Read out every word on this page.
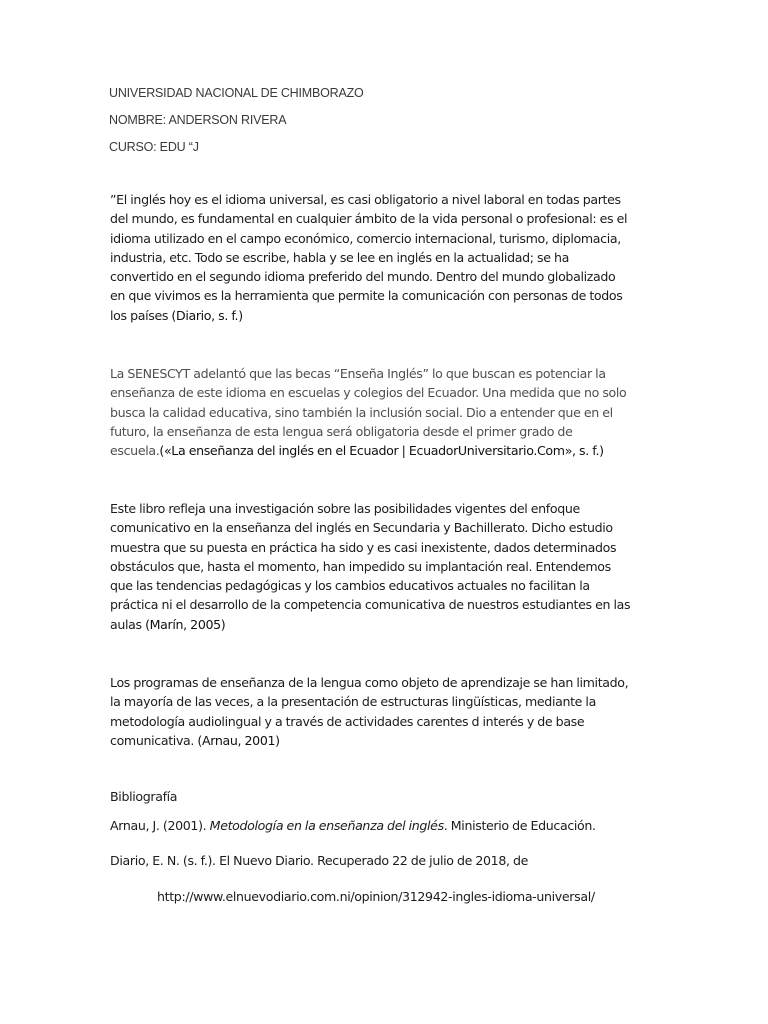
UNIVERSIDAD NACIONAL DE CHIMBORAZO
NOMBRE: ANDERSON RIVERA
CURSO: EDU “J
”El inglés hoy es el idioma universal, es casi obligatorio a nivel laboral en todas partes
del mundo, es fundamental en cualquier ámbito de la vida personal o profesional: es el
idioma utilizado en el campo económico, comercio internacional, turismo, diplomacia,
industria, etc. Todo se escribe, habla y se lee en inglés en la actualidad; se ha
convertido en el segundo idioma preferido del mundo. Dentro del mundo globalizado
en que vivimos es la herramienta que permite la comunicación con personas de todos
los países (Diario, s. f.)
La SENESCYT adelantó que las becas “Enseña Inglés” lo que buscan es potenciar la
enseñanza de este idioma en escuelas y colegios del Ecuador. Una medida que no solo
busca la calidad educativa, sino también la inclusión social. Dio a entender que en el
futuro, la enseñanza de esta lengua será obligatoria desde el primer grado de
escuela.(«La enseñanza del inglés en el Ecuador | EcuadorUniversitario.Com», s. f.)
Este libro refleja una investigación sobre las posibilidades vigentes del enfoque
comunicativo en la enseñanza del inglés en Secundaria y Bachillerato. Dicho estudio
muestra que su puesta en práctica ha sido y es casi inexistente, dados determinados
obstáculos que, hasta el momento, han impedido su implantación real. Entendemos
que las tendencias pedagógicas y los cambios educativos actuales no facilitan la
práctica ni el desarrollo de la competencia comunicativa de nuestros estudiantes en las
aulas (Marín, 2005)
Los programas de enseñanza de la lengua como objeto de aprendizaje se han limitado,
la mayoría de las veces, a la presentación de estructuras lingüísticas, mediante la
metodología audiolingual y a través de actividades carentes d interés y de base
comunicativa. (Arnau, 2001)
Bibliografía
Arnau, J. (2001). Metodología en la enseñanza del inglés. Ministerio de Educación.
Diario, E. N. (s. f.). El Nuevo Diario. Recuperado 22 de julio de 2018, de
http://www.elnuevodiario.com.ni/opinion/312942-ingles-idioma-universal/
